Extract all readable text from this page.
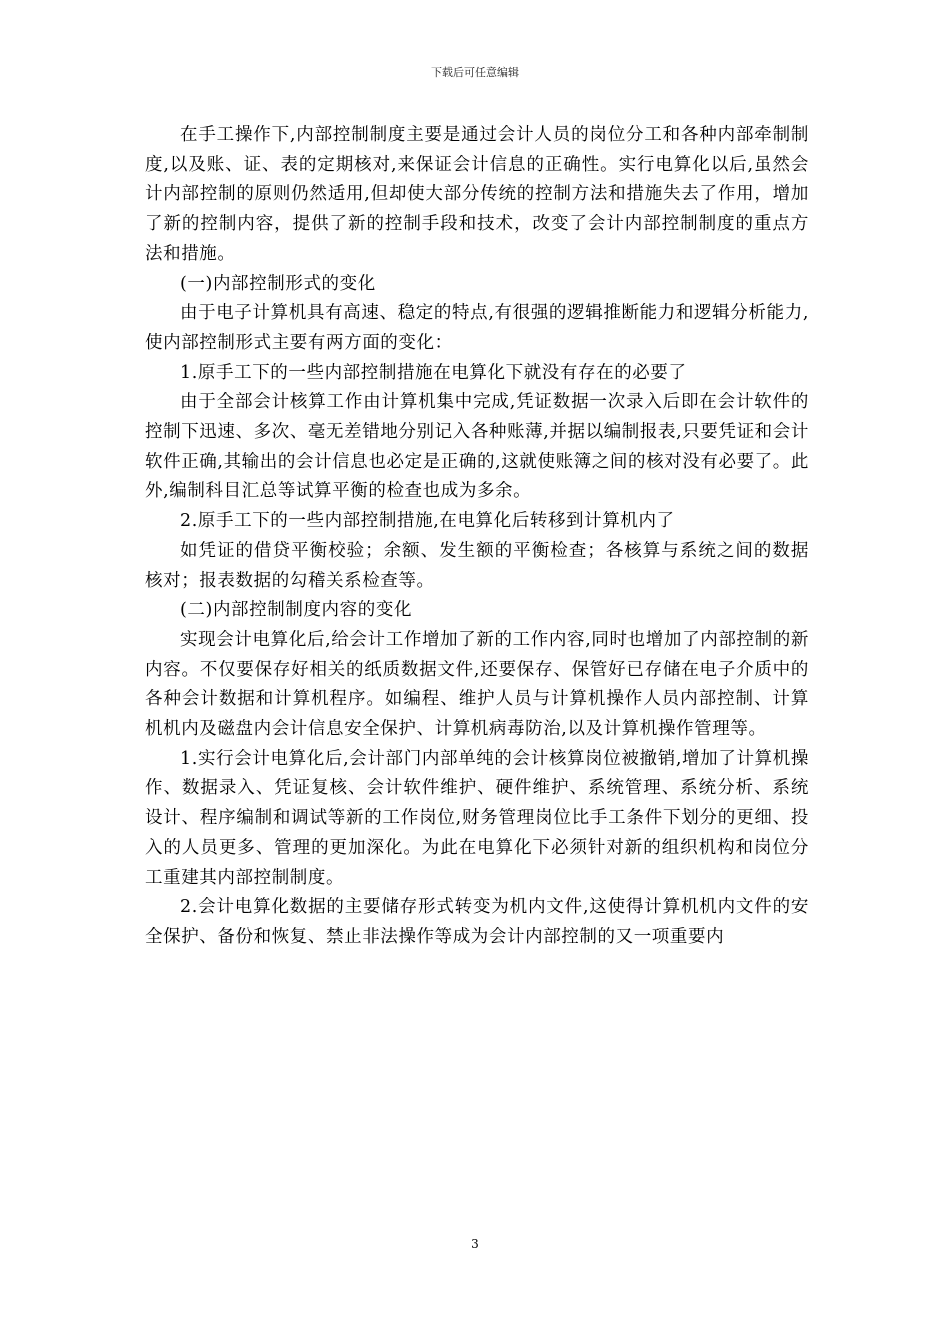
下载后可任意编辑

在手工操作下,内部控制制度主要是通过会计人员的岗位分工和各种内部牵制制度,以及账、证、表的定期核对,来保证会计信息的正确性。实行电算化以后,虽然会计内部控制的原则仍然适用,但却使大部分传统的控制方法和措施失去了作用，增加了新的控制内容，提供了新的控制手段和技术，改变了会计内部控制制度的重点方法和措施。

(一)内部控制形式的变化

由于电子计算机具有高速、稳定的特点,有很强的逻辑推断能力和逻辑分析能力,使内部控制形式主要有两方面的变化：

1.原手工下的一些内部控制措施在电算化下就没有存在的必要了

由于全部会计核算工作由计算机集中完成,凭证数据一次录入后即在会计软件的控制下迅速、多次、毫无差错地分别记入各种账薄,并据以编制报表,只要凭证和会计软件正确,其输出的会计信息也必定是正确的,这就使账簿之间的核对没有必要了。此外,编制科目汇总等试算平衡的检查也成为多余。

2.原手工下的一些内部控制措施,在电算化后转移到计算机内了

如凭证的借贷平衡校验；余额、发生额的平衡检查；各核算与系统之间的数据核对；报表数据的勾稽关系检查等。

(二)内部控制制度内容的变化

实现会计电算化后,给会计工作增加了新的工作内容,同时也增加了内部控制的新内容。不仅要保存好相关的纸质数据文件,还要保存、保管好已存储在电子介质中的各种会计数据和计算机程序。如编程、维护人员与计算机操作人员内部控制、计算机机内及磁盘内会计信息安全保护、计算机病毒防治,以及计算机操作管理等。

1.实行会计电算化后,会计部门内部单纯的会计核算岗位被撤销,增加了计算机操作、数据录入、凭证复核、会计软件维护、硬件维护、系统管理、系统分析、系统设计、程序编制和调试等新的工作岗位,财务管理岗位比手工条件下划分的更细、投入的人员更多、管理的更加深化。为此在电算化下必须针对新的组织机构和岗位分工重建其内部控制制度。

2.会计电算化数据的主要储存形式转变为机内文件,这使得计算机机内文件的安全保护、备份和恢复、禁止非法操作等成为会计内部控制的又一项重要内

3
